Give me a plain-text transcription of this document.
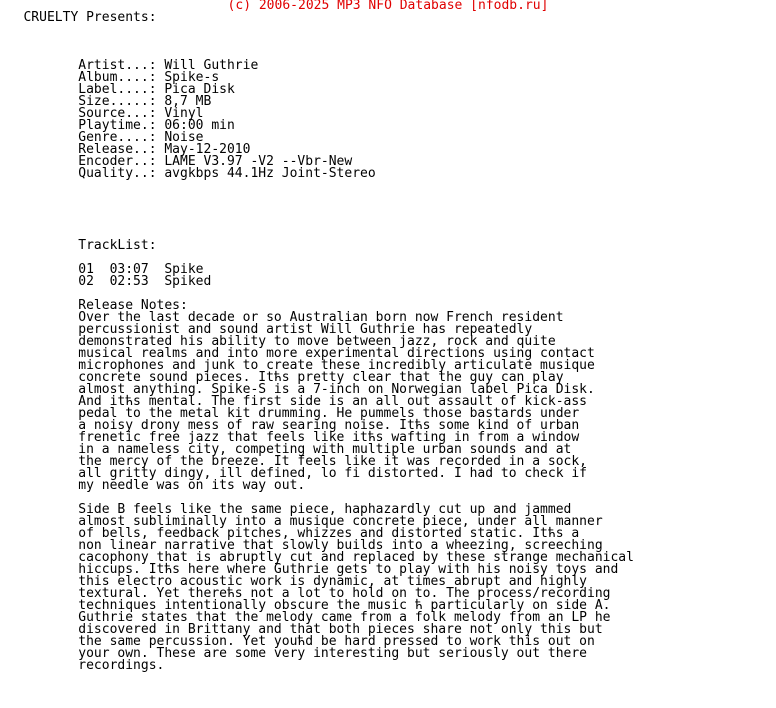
(c) 2006-2025 MP3 NFO Database [nfodb.ru]
CRUELTY Presents:
Artist...: Will Guthrie
Album....: Spike-s
Label....: Pica Disk
Size.....: 8,7 MB
Source...: Vinyl
Playtime.: 06:00 min
Genre....: Noise
Release..: May-12-2010
Encoder..: LAME V3.97 -V2 --Vbr-New
Quality..: avgkbps 44.1Hz Joint-Stereo
TrackList:
01  03:07  Spike
02  02:53  Spiked
Release Notes:
Over the last decade or so Australian born now French resident
percussionist and sound artist Will Guthrie has repeatedly
demonstrated his ability to move between jazz, rock and quite
musical realms and into more experimental directions using contact
microphones and junk to create these incredibly articulate musique
concrete sound pieces. Itћs pretty clear that the guy can play
almost anything. Spike-S is a 7-inch on Norwegian label Pica Disk.
And itћs mental. The first side is an all out assault of kick-ass
pedal to the metal kit drumming. He pummels those bastards under
a noisy drony mess of raw searing noise. Itћs some kind of urban
frenetic free jazz that feels like itћs wafting in from a window
in a nameless city, competing with multiple urban sounds and at
the mercy of the breeze. It feels like it was recorded in a sock,
all gritty dingy, ill defined, lo fi distorted. I had to check if
my needle was on its way out.
Side B feels like the same piece, haphazardly cut up and jammed
almost subliminally into a musique concrete piece, under all manner
of bells, feedback pitches, whizzes and distorted static. Itћs a
non linear narrative that slowly builds into a wheezing, screeching
cacophony that is abruptly cut and replaced by these strange mechanical
hiccups. Itћs here where Guthrie gets to play with his noisy toys and
this electro acoustic work is dynamic, at times abrupt and highly
textural. Yet thereћs not a lot to hold on to. The process/recording
techniques intentionally obscure the music ћ particularly on side A.
Guthrie states that the melody came from a folk melody from an LP he
discovered in Brittany and that both pieces share not only this but
the same percussion. Yet youћd be hard pressed to work this out on
your own. These are some very interesting but seriously out there
recordings.
